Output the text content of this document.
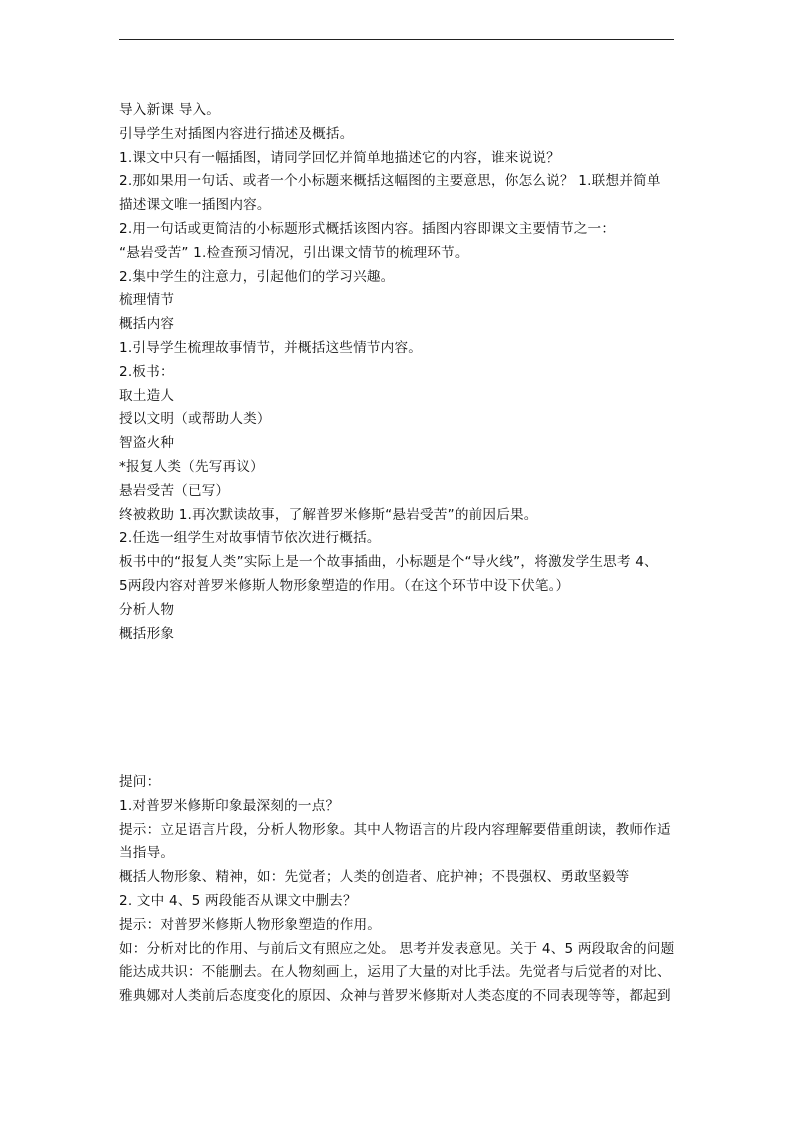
导入新课 导入。
引导学生对插图内容进行描述及概括。
1.课文中只有一幅插图，请同学回忆并简单地描述它的内容，谁来说说？
2.那如果用一句话、或者一个小标题来概括这幅图的主要意思，你怎么说？ 1.联想并简单
描述课文唯一插图内容。
2.用一句话或更简洁的小标题形式概括该图内容。插图内容即课文主要情节之一：
“悬岩受苦” 1.检查预习情况，引出课文情节的梳理环节。
2.集中学生的注意力，引起他们的学习兴趣。
梳理情节
概括内容
1.引导学生梳理故事情节，并概括这些情节内容。
2.板书：
取土造人
授以文明（或帮助人类）
智盗火种
*报复人类（先写再议）
悬岩受苦（已写）
终被救助 1.再次默读故事，了解普罗米修斯“悬岩受苦”的前因后果。
2.任选一组学生对故事情节依次进行概括。
板书中的“报复人类”实际上是一个故事插曲，小标题是个“导火线”，将激发学生思考 4、
5两段内容对普罗米修斯人物形象塑造的作用。（在这个环节中设下伏笔。）
分析人物
概括形象
提问：
1.对普罗米修斯印象最深刻的一点？
提示：立足语言片段，分析人物形象。其中人物语言的片段内容理解要借重朗读，教师作适
当指导。
概括人物形象、精神，如：先觉者；人类的创造者、庇护神；不畏强权、勇敢坚毅等
2. 文中 4、5 两段能否从课文中删去？
提示：对普罗米修斯人物形象塑造的作用。
如：分析对比的作用、与前后文有照应之处。 思考并发表意见。关于 4、5 两段取舍的问题
能达成共识：不能删去。在人物刻画上，运用了大量的对比手法。先觉者与后觉者的对比、
雅典娜对人类前后态度变化的原因、众神与普罗米修斯对人类态度的不同表现等等，都起到
